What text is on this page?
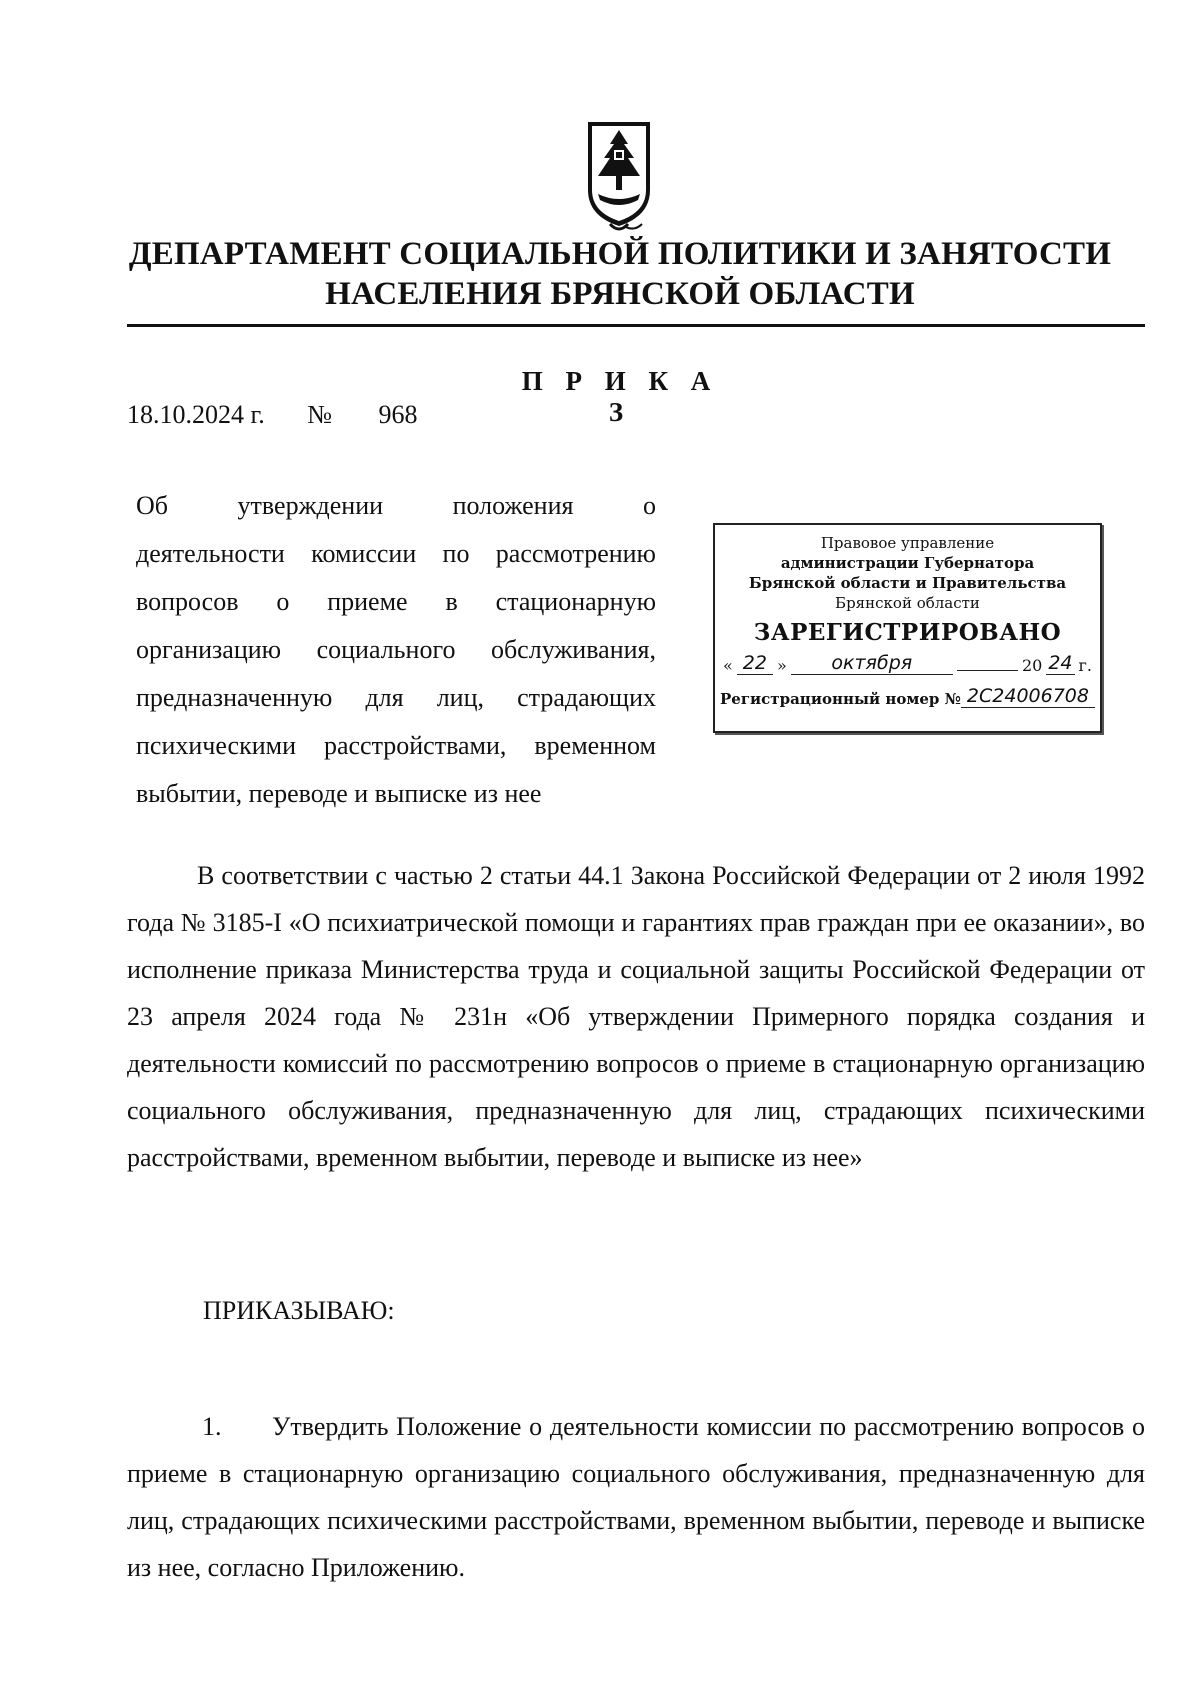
ДЕПАРТАМЕНТ СОЦИАЛЬНОЙ ПОЛИТИКИ И ЗАНЯТОСТИ
НАСЕЛЕНИЯ БРЯНСКОЙ ОБЛАСТИ
П Р И К А З
18.10.2024 г. № 968
Об утверждении положения о
деятельности комиссии по рассмотрению
вопросов о приеме в стационарную
организацию социального обслуживания,
предназначенную для лиц, страдающих
психическими расстройствами, временном
выбытии, переводе и выписке из нее
Правовое управление
администрации Губернатора
Брянской области и Правительства
Брянской области
ЗАРЕГИСТРИРОВАНО
« 22 »	октября	20 24 г.
Регистрационный номер № 2С24006708
В соответствии с частью 2 статьи 44.1 Закона Российской Федерации от 2 июля 1992 года № 3185-I «О психиатрической помощи и гарантиях прав граждан при ее оказании», во исполнение приказа Министерства труда и социальной защиты Российской Федерации от 23 апреля 2024 года № 231н «Об утверждении Примерного порядка создания и деятельности комиссий по рассмотрению вопросов о приеме в стационарную организацию социального обслуживания, предназначенную для лиц, страдающих психическими расстройствами, временном выбытии, переводе и выписке из нее»
ПРИКАЗЫВАЮ:
1. Утвердить Положение о деятельности комиссии по рассмотрению вопросов о приеме в стационарную организацию социального обслуживания, предназначенную для лиц, страдающих психическими расстройствами, временном выбытии, переводе и выписке из нее, согласно Приложению.
